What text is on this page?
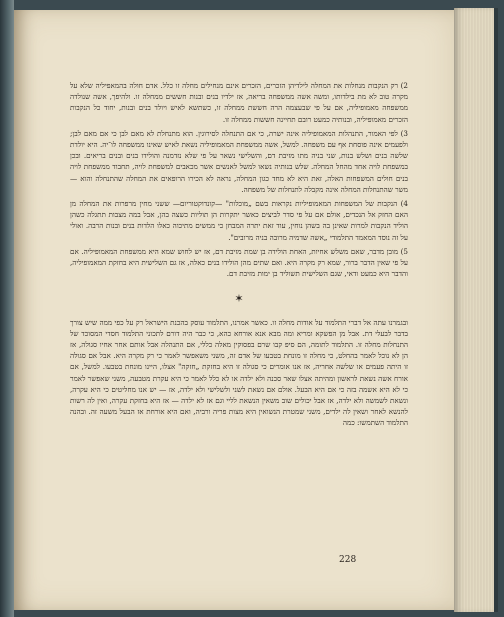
2) רק הנקבות מנחלות את המחלה לילדיהן הזכרים, הזכרים אינם מנחילים מחלה זו כלל. אדם חולה בהמאפיליה שלא על מקרה טוב לא מת בילדותו, ומשה אשה ממשפחה בריאה, אז ילדיו בנים ובנות חששים ממחלה זו. ולהיפך, אשה שנולדה ממשפחה מאמופיליה, אם על פי שבעצמה הרה חששת ממחלה זו, כשתשא לאיש ויולד בנים ובנות, יחוד כל הנקבות הזכרים מאמופיליה, ובנותיה כמעט רובם תחיינה חששות ממחלה זו.

3) לפי האמור, התנהלות המאמופיליה אינה ישרה, כי אם התנחלה לסירוגין. הוא מתנחלת לא מאם לבן כי אם מאם לבן; ולפעמים אינה פוסחת אף עם משפחה. למשל, אשה ממשפחת המאמופיליה נשאת לאיש שאינו ממשפחה לו־יה. היא יולדת שלשה בנים ושלש בנות, שני בניה מתו מזיבת דם, והשלישי נשאר על פי שלא נזדמנה והולידו בנים ובנים בריאים. ובכן במשפחת לויה אחד מהחל המחלה. שלש בנותיה נשאו למשל לאנשים אשר מכאבים למשפחת לויה, תחבוד ממשפחת לויה בנים חולים המשפחות האלה, זאת היא לא מחד כגון המחלה, נראה לא הכירו הרופאים את המחלה שהתנחלה והוא — משר שהתנחלות המחלה אינה מקבלה לתנחלות של משפחה.

4) הנקבות של המשפחות המאמופיליות נקראות בשם „מוכלות" —קונדוקטוריום— ששני מחין מרפרות את המחלה מן האם החזק אל הנכדים, אולם אם על פי סדר לביצים כאשר יתקרות הן תוליות כשצה בהן, אבל במה מצבות תתגלה כשהן הוליד הנקבות למרות שאינן בה בשהן נוחין, עוד זאת יתרה המבחן כי ממשים מתיכוה כאלו הלדות בנים ובנות הרבה. ואולי על זה נוסד המאמד התלמודי „אשה שדמיה מרובה בניה מרובים".

5) מובן מדבר, שאם משלש אחיות, האחת הולידה בן שמת מזיבת דם, אז יש לחוש שמא היא ממשפחת המאמופיליה. אם על פי שאין הדבר ברור, שמא רק מקרה היא. ואם שתים מהן הולידו בנים כאלה, אז גם השלישית היא בחזקת המאמופיליה, והדבר היא כמעט ודאי, שגם השלישית תשוליד בן ימות מזיבת דם.

✶

ובגמרנו עתה אל דברי התלמוד על אודות מחלה זו. כאשר אמרנו, התלמוד עוסק בהכנת הישראל רק על כפי ממה שיש צורך בדבר לבעלי דת. אבל מן הפשקא ומריא ומה מבא אנא אורחא כהא, כי כבר היה דורם לתכוני התלמוד חסדי המסוכד של התנחלות מחלה זו. התלמוד לתומה, הם סיפ קבו שרם בפסוקין מאלה כללי, אם התנהלה אבל אותם אחר אחיו סגולה, אז הן לא נוכל לאמר בהחלט, כי מחלה זו מונחת בטבעו של אדם זה, משני משאפשר לאמר כי רק מקרה היא. אבל אם סגולה זו היתה פעמים או שלשה אחריה, אז אנו אומרים כי סגולה זו היא בחזקת „חזקה" אצלו, היינו מונחת בטבעו. למשל, אם אורח אשה נשאת לראשון ומהיתה אצלו שאר סכנה ולא ילדה או לא כלל לאמר כי היא עקרת מטבעה, משני שאפשר לאמר כי לא היא אשמה בזה כי אם היא הבעל. אולם אם נשאת לשני ולשלישי ולא ילדה, אז — יש אנו מחליטים כי היא עקרה, ונשאת לשמשה ולא ילדה, אז אבל יכולים שוב משאין הנשאת לליי וגם אז לא ילדה — אז היא בחזקת עקרה, ואין לה רשות להנשא לאחר ושאין לה ילדים, משני שמטרת הנשואין היא מצות פריה ורביה, ואם היא אורחת אז הבעל משעה זה. ובהנה התלמוד השתמשו: כמה

228
